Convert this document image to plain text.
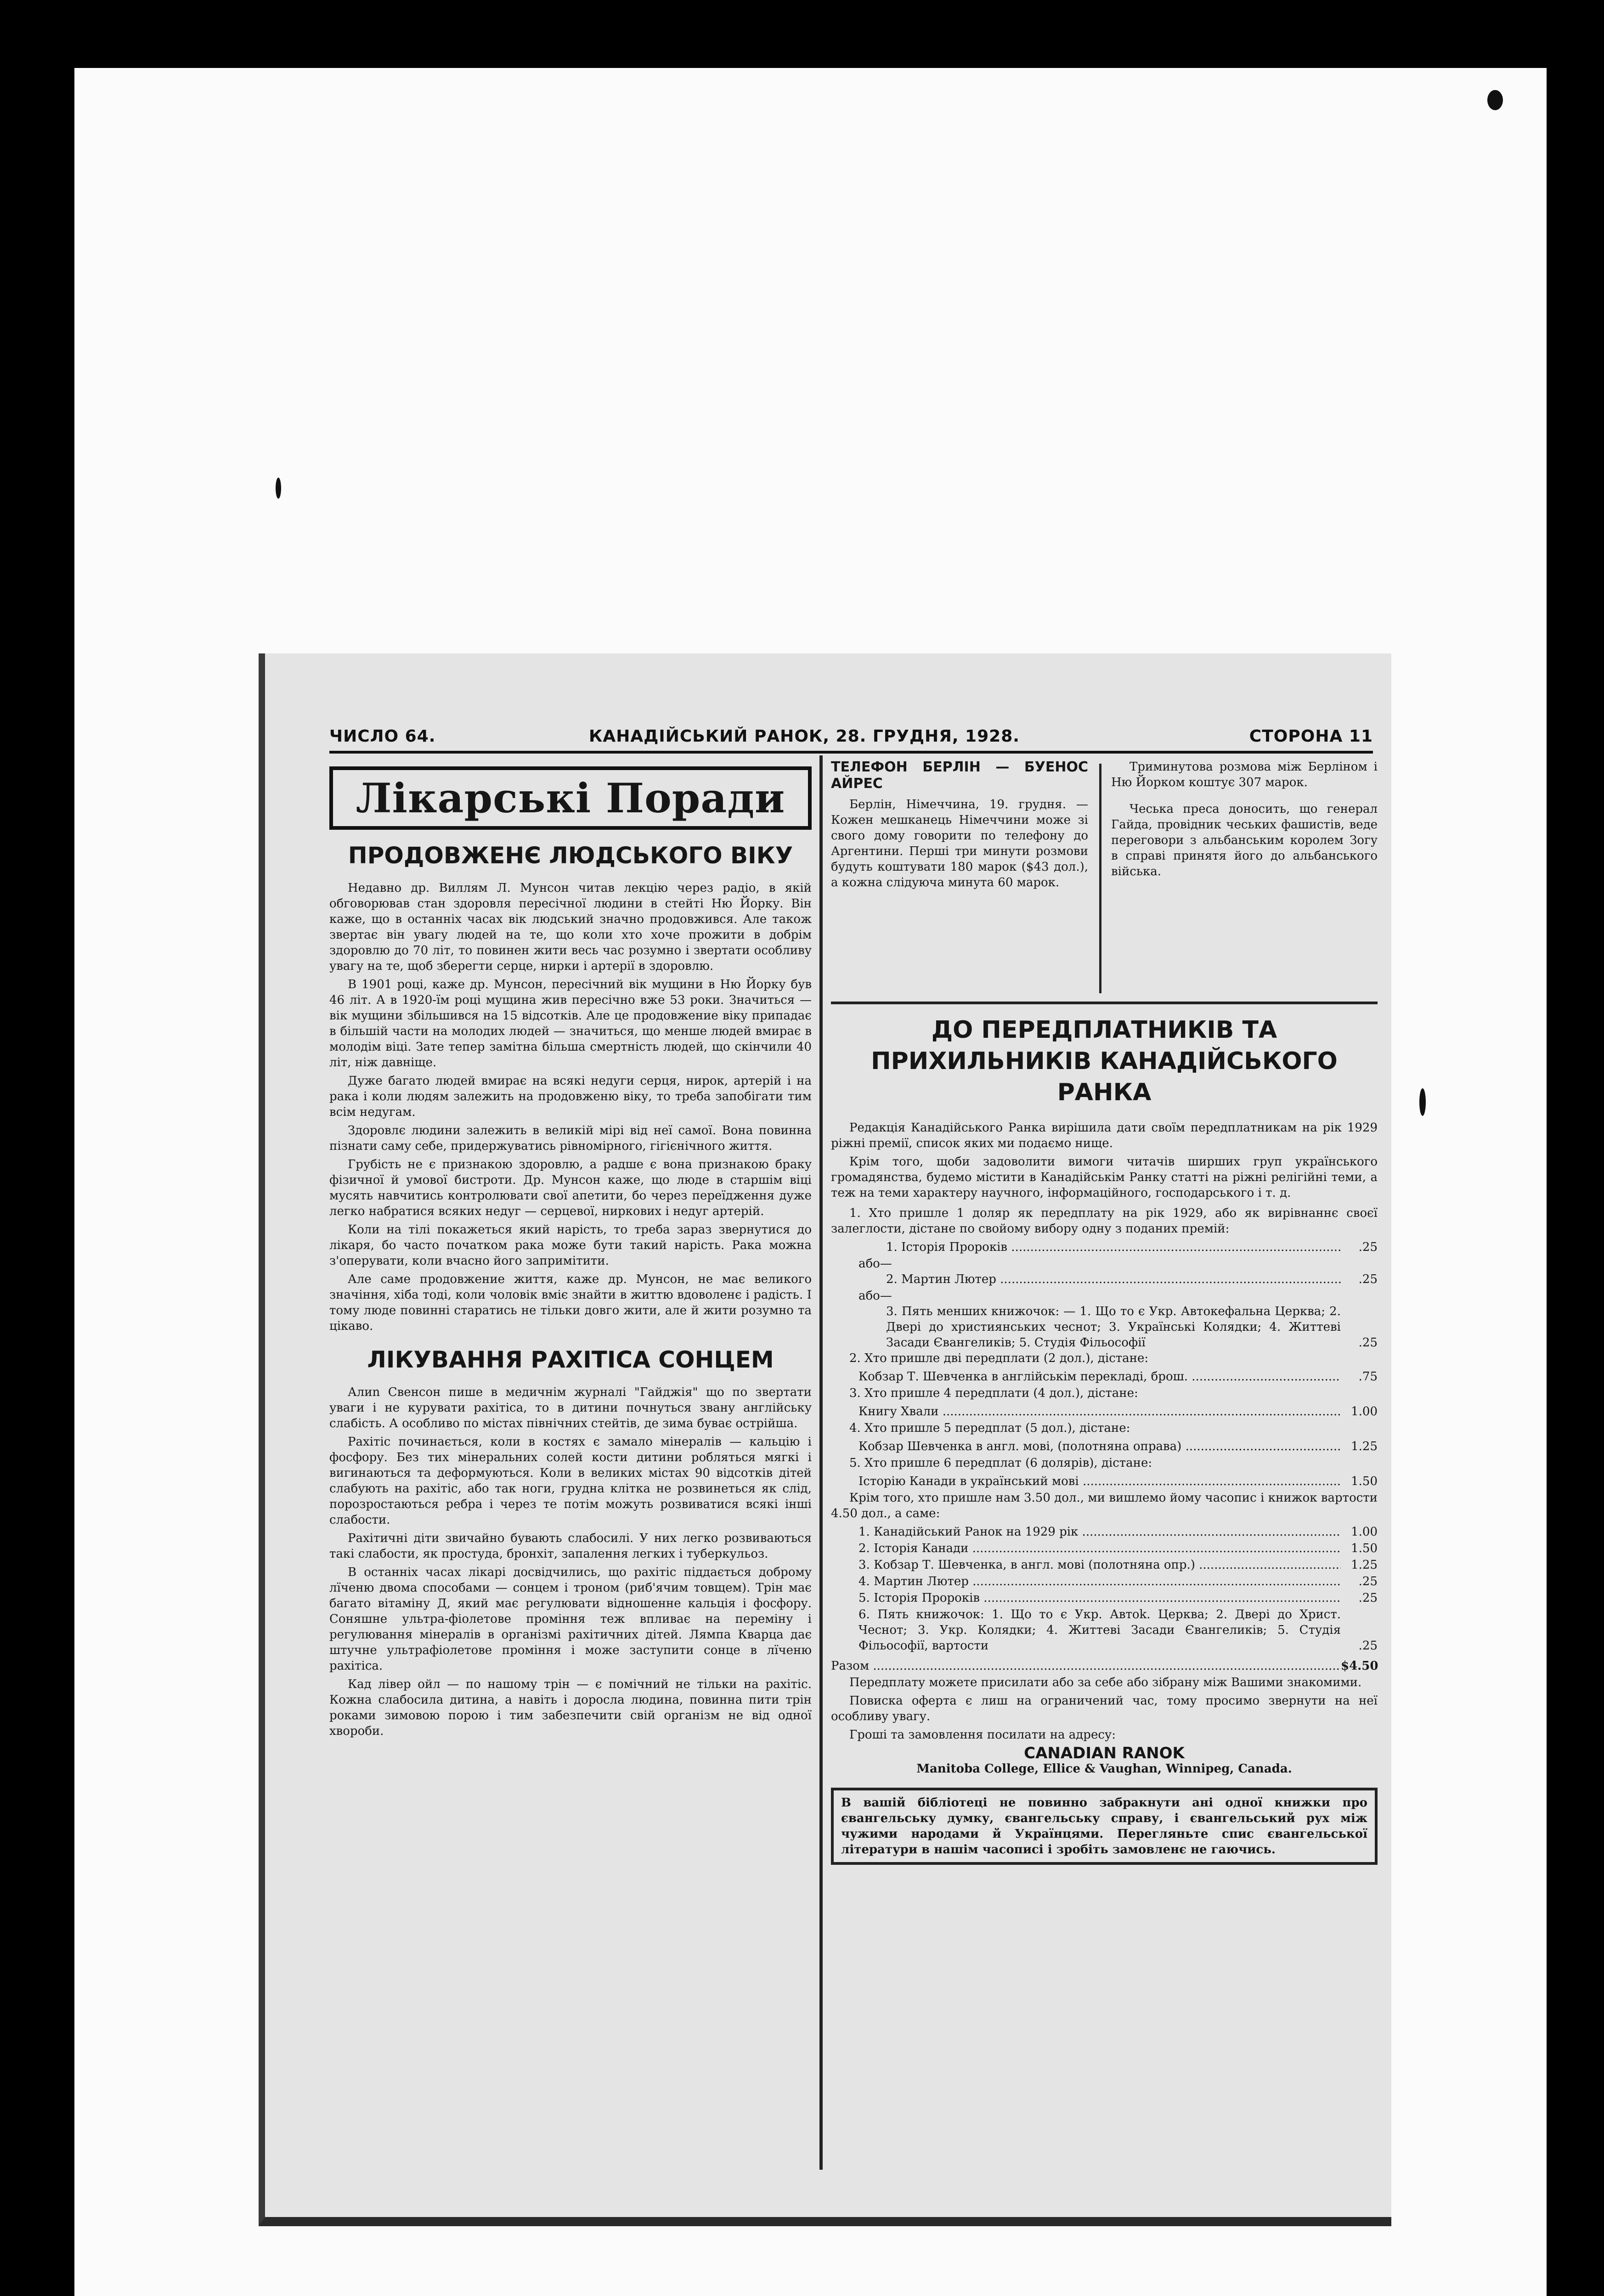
ЧИСЛО 64.	КАНАДІЙСЬКИЙ РАНОК, 28. ГРУДНЯ, 1928.	СТОРОНА 11
Лікарські Поради
ПРОДОВЖЕНЄ ЛЮДСЬКОГО ВІКУ

Недавно др. Виллям Л. Мунсон читав лекцію через радіо, в якій обговорював стан здоровля пересічної людини в стейті Ню Йорку. Він каже, що в останніх часах вік людський значно продовжився. Але також звертає він увагу людей на те, що коли хто хоче прожити в добрім здоровлю до 70 літ, то повинен жити весь час розумно і звертати особливу увагу на те, щоб зберегти серце, нирки і артерії в здоровлю.

В 1901 році, каже др. Мунсон, пересічний вік мущини в Ню Йорку був 46 літ. А в 1920-їм році мущина жив пересічно вже 53 роки. Значиться — вік мущини збільшився на 15 відсотків. Але це продовжение віку припадає в більшій части на молодих людей — значиться, що менше людей вмирає в молодім віці. Зате тепер замітна більша смертність людей, що скінчили 40 літ, ніж давніще.

Дуже багато людей вмирає на всякі недуги серця, нирок, артерій і на рака і коли людям залежить на продовженю віку, то треба запобігати тим всім недугам.

Здоровлє людини залежить в великій мірі від неї самої. Вона повинна пізнати саму себе, придержуватись рівномірного, гігієнічного життя.

Грубість не є признакою здоровлю, а радше є вона признакою браку фізичної й умової бистроти. Др. Мунсон каже, що люде в старшім віці мусять навчитись контролювати свої апетити, бо через переїдження дуже легко набратися всяких недуг — серцевої, нирковиx і недуг артерій.

Коли на тілі покажеться який нарість, то треба зараз звернутися до лікаря, бо часто початком рака може бути такий нарість. Рака можна з'оперувати, коли вчасно його запримітити.

Але саме продовжение життя, каже др. Мунсон, не має великого значіння, хіба тоді, коли чоловік вміє знайти в життю вдоволенє і радість. І тому люде повинні старатись не тільки довго жити, але й жити розумно та цікаво.

ЛІКУВАННЯ РАХІТІСА СОНЦЕМ

Алиn Свенсон пише в медичнім журналі "Гайджія" що по звертати уваги і не курувати рахітіса, то в дитини почнуться звану англійську слабість. А особливо по містах північних стейтів, де зима буває острійша.

Рахітіс починається, коли в костях є замало мінералів — кальцію і фосфору. Без тих мінеральних солей кости дитини робляться мягкі і вигинаються та деформуються. Коли в великих містах 90 відсотків дітей слабують на рахітіс, або так ноги, грудна клітка не розвинеться як слід, порозростаються ребра і через те потім можуть розвиватися всякі інші слабости.

Рахітичні діти звичайно бувають слабосилі. У них легко розвиваються такі слабости, як простуда, бронхіт, запалення легких і туберкульоз.

В останніх часах лікарі досвідчились, що рахітіс піддається доброму лїченю двома способами — сонцем і троном (риб'ячим товщем). Трін має багато вітаміну Д, який має регулювати відношенне кальція і фосфору. Соняшне ультра-фіолетове проміння теж впливає на переміну і регулювання мінералів в організмі рахітичних дітей. Лямпа Кварца дає штучне ультрафіолетове проміння і може заступити сонце в лїченю рахітіса.

Кад лівер ойл — по нашому трін — є помічний не тільки на рахітіс. Кожна слабосила дитина, а навіть і дороcла людина, повинна пити трін роками зимовою порою і тим забезпечити свій організм не від одної хвороби.

ТЕЛЕФОН БЕРЛІН — БУЕНОС АЙРЕС

Берлін, Німеччина, 19. грудня. — Кожен мешканець Німеччини може зі свого дому говорити по телефону до Аргентини. Перші три минути розмови будуть коштувати 180 марок ($43 дол.), а кожна слідуюча минута 60 марок.

Триминутова розмова між Берліном і Ню Йорком коштує 307 марок.

Чеська преса доносить, що генерал Гайда, провідник чеських фашистів, веде переговори з альбанським королем Зогу в справі принятя його до альбанського війська.

ДО ПЕРЕДПЛАТНИКІВ ТА ПРИХИЛЬНИКІВ КАНАДІЙСЬКОГО РАНКА

Редакція Канадійського Ранка вирішила дати своїм передплатникам на рік 1929 ріжні премії, список яких ми подаємо нище.

Крім того, щоби задоволити вимоги читачів ширших груп українського громадянства, будемо містити в Канадійськім Ранку статті на ріжні релігійні теми, а теж на теми характеру научного, інформаційного, господарського і т. д.

1. Хто пришле 1 доляр як передплату на рік 1929, або як вирівнаннє своєї залеглости, дістане по свойому вибору одну з поданих премій:

1. Історія Пророків .....	.25
або—
2. Мартин Лютер .....	.25
або—
3. Пять менших книжочок: — 1. Що то є Укр. Автокефальна Церква; 2. Двері до християнських чеснот; 3. Українські Колядки; 4. Життеві Засади Євангеликів; 5. Студія Фільософії	.25

2. Хто пришле дві передплати (2 дол.), дістане:

Кобзар Т. Шевченка в англійськім перекладі, брош. .....	.75

3. Хто пришле 4 передплати (4 дол.), дістане:

Книгу Хвали .....	1.00

4. Хто пришле 5 передплат (5 дол.), дістане:

Кобзар Шевченка в англ. мові, (полотняна оправа) .....	1.25

5. Хто пришле 6 передплат (6 долярів), дістане:

Історію Канади в український мові .....	1.50

Крім того, хто пришле нам 3.50 дол., ми вишлемо йому часопис і книжок вартости 4.50 дол., а саме:

1. Канадійський Ранок на 1929 рік .....	1.00
2. Історія Канади .....	1.50
3. Кобзар Т. Шевченка, в англ. мові (полотняна опр.) .....	1.25
4. Мартин Лютер .....	.25
5. Історія Пророків .....	.25
6. Пять книжочок: 1. Що то є Укр. Автоk. Церква; 2. Двері до Христ. Чеснот; 3. Укр. Колядки; 4. Життеві Засади Євангеликів; 5. Студія Фільософії, вартости	.25
Разом .....	$4.50

Передплату можете присилати або за себе або зібрану між Вашими знакомими.

Повиска оферта є лиш на ограничений час, тому просимо звернути на неї особливу увагу.

Гроші та замовлення посилати на адресу:

CANADIAN RANOK
Manitoba College, Ellice & Vaughan, Winnipeg, Canada.
В вашій бібліотеці не повинно забракнути ані одної книжки про євангельську думку, євангельську справу, і євангельський рух між чужими народами й Українцями. Перегляньте спис євангельської літератури в нашім часописі і зробіть замовленє не гаючись.
